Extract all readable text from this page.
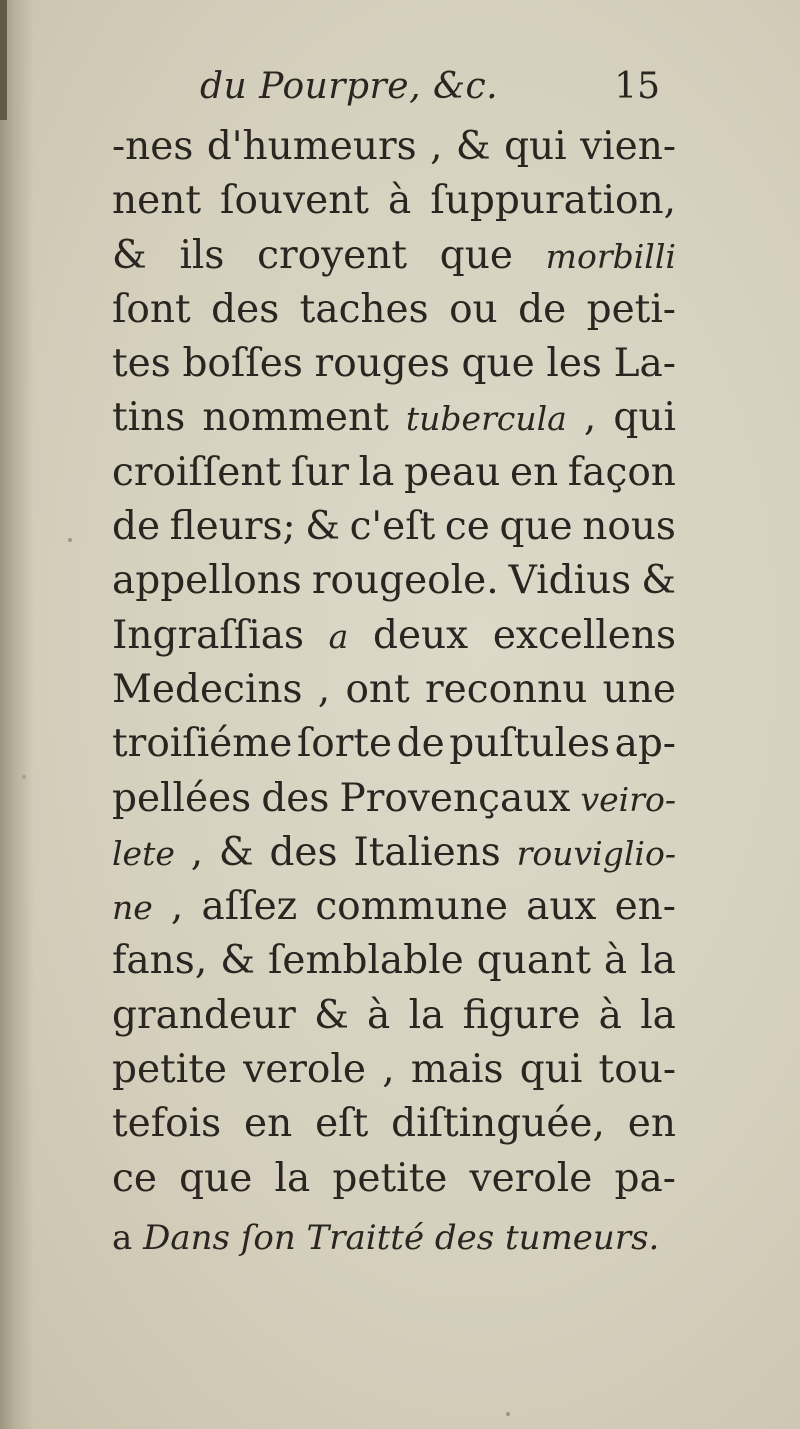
du Pourpre, &c.	15
-nes d'humeurs , & qui vien-
nent ſouvent à ſuppuration,
& ils croyent que morbilli
ſont des taches ou de peti-
tes boſſes rouges que les La-
tins nomment tubercula , qui
croiſſent ſur la peau en façon
de fleurs; & c'eſt ce que nous
appellons rougeole. Vidius &
Ingraſſias a deux excellens
Medecins , ont reconnu une
troiſiéme ſorte de puſtules ap-
pellées des Provençaux veiro-
lete , & des Italiens rouviglio-
ne , aſſez commune aux en-
fans, & ſemblable quant à la
grandeur & à la figure à la
petite verole , mais qui tou-
tefois en eſt diſtinguée, en
ce que la petite verole pa-
a Dans ſon Traitté des tumeurs.
